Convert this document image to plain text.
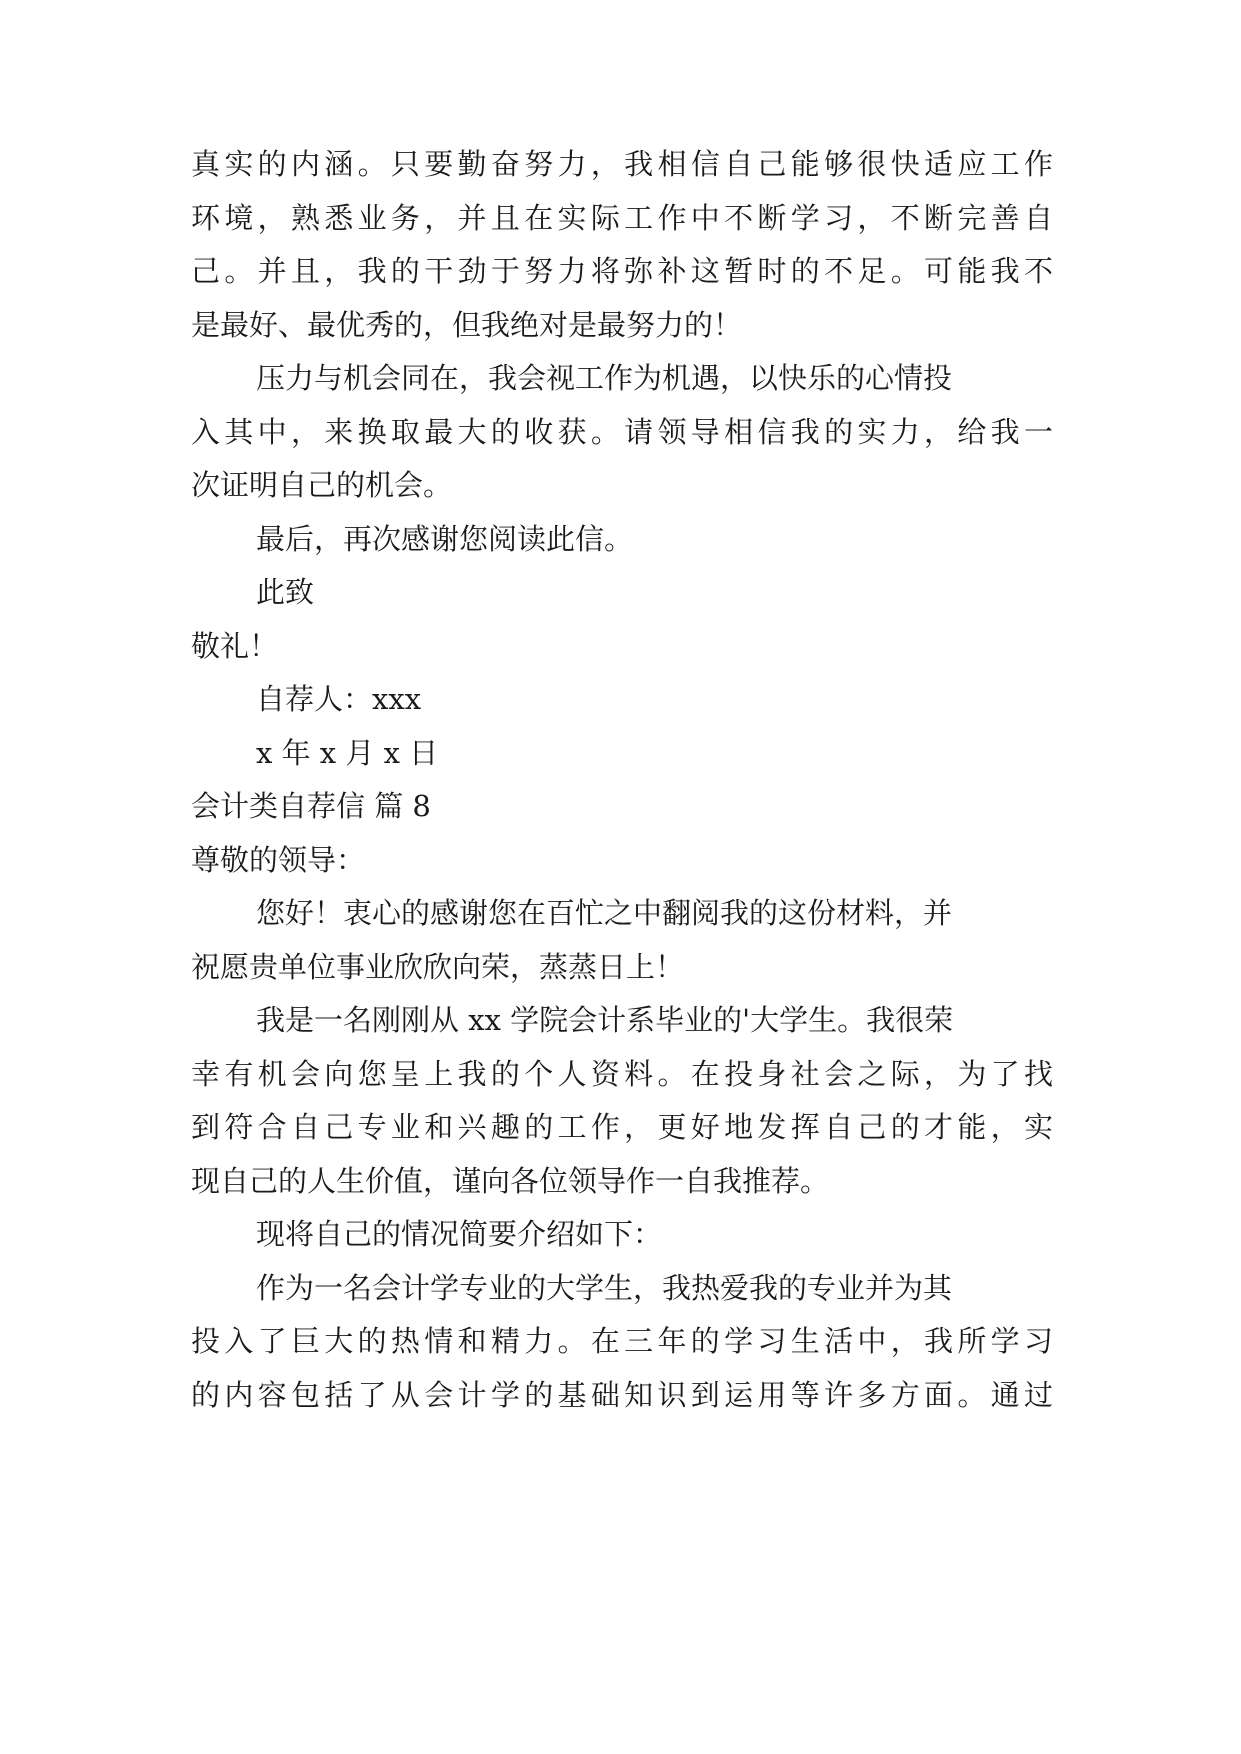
真实的内涵。只要勤奋努力，我相信自己能够很快适应工作
环境，熟悉业务，并且在实际工作中不断学习，不断完善自
己。并且，我的干劲于努力将弥补这暂时的不足。可能我不
是最好、最优秀的，但我绝对是最努力的！
压力与机会同在，我会视工作为机遇，以快乐的心情投
入其中，来换取最大的收获。请领导相信我的实力，给我一
次证明自己的机会。
最后，再次感谢您阅读此信。
此致
敬礼！
自荐人：xxx
x 年 x 月 x 日
会计类自荐信 篇 8
尊敬的领导：
您好！衷心的感谢您在百忙之中翻阅我的这份材料，并
祝愿贵单位事业欣欣向荣，蒸蒸日上！
我是一名刚刚从 xx 学院会计系毕业的'大学生。我很荣
幸有机会向您呈上我的个人资料。在投身社会之际，为了找
到符合自己专业和兴趣的工作，更好地发挥自己的才能，实
现自己的人生价值，谨向各位领导作一自我推荐。
现将自己的情况简要介绍如下：
作为一名会计学专业的大学生，我热爱我的专业并为其
投入了巨大的热情和精力。在三年的学习生活中，我所学习
的内容包括了从会计学的基础知识到运用等许多方面。通过
